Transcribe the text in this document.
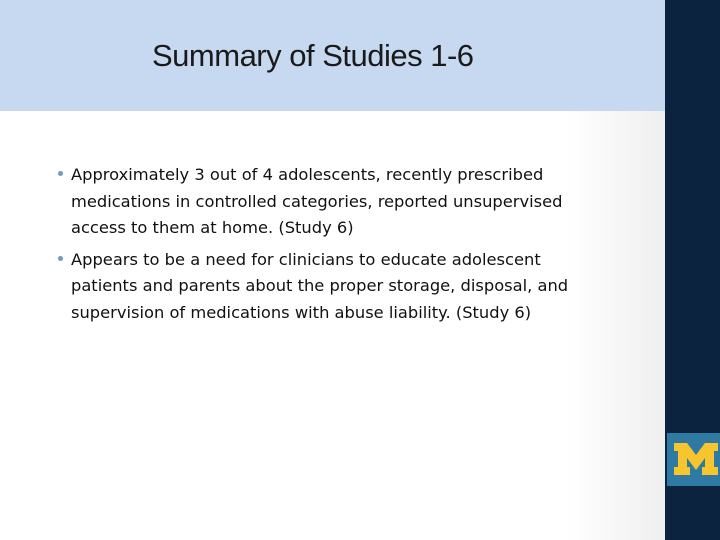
Summary of Studies 1-6
Approximately 3 out of 4 adolescents, recently prescribed
medications in controlled categories, reported unsupervised
access to them at home. (Study 6)
Appears to be a need for clinicians to educate adolescent
patients and parents about the proper storage, disposal, and
supervision of medications with abuse liability. (Study 6)
